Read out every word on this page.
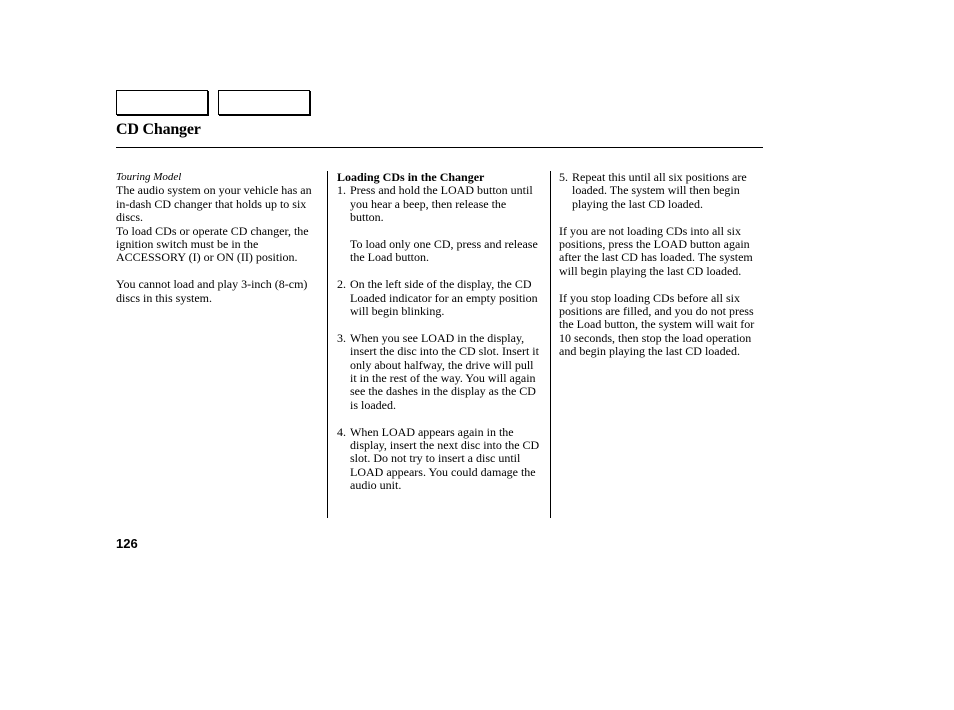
CD Changer

Touring Model

The audio system on your vehicle has an in-dash CD changer that holds up to six discs.

To load CDs or operate CD changer, the ignition switch must be in the ACCESSORY (I) or ON (II) position.

You cannot load and play 3-inch (8-cm) discs in this system.

Loading CDs in the Changer

1. Press and hold the LOAD button until you hear a beep, then release the button.

To load only one CD, press and release the Load button.

2. On the left side of the display, the CD Loaded indicator for an empty position will begin blinking.
3. When you see LOAD in the display, insert the disc into the CD slot. Insert it only about halfway, the drive will pull it in the rest of the way. You will again see the dashes in the display as the CD is loaded.
4. When LOAD appears again in the display, insert the next disc into the CD slot. Do not try to insert a disc until LOAD appears. You could damage the audio unit.
5. Repeat this until all six positions are loaded. The system will then begin playing the last CD loaded.

If you are not loading CDs into all six positions, press the LOAD button again after the last CD has loaded. The system will begin playing the last CD loaded.

If you stop loading CDs before all six positions are filled, and you do not press the Load button, the system will wait for 10 seconds, then stop the load operation and begin playing the last CD loaded.

126
